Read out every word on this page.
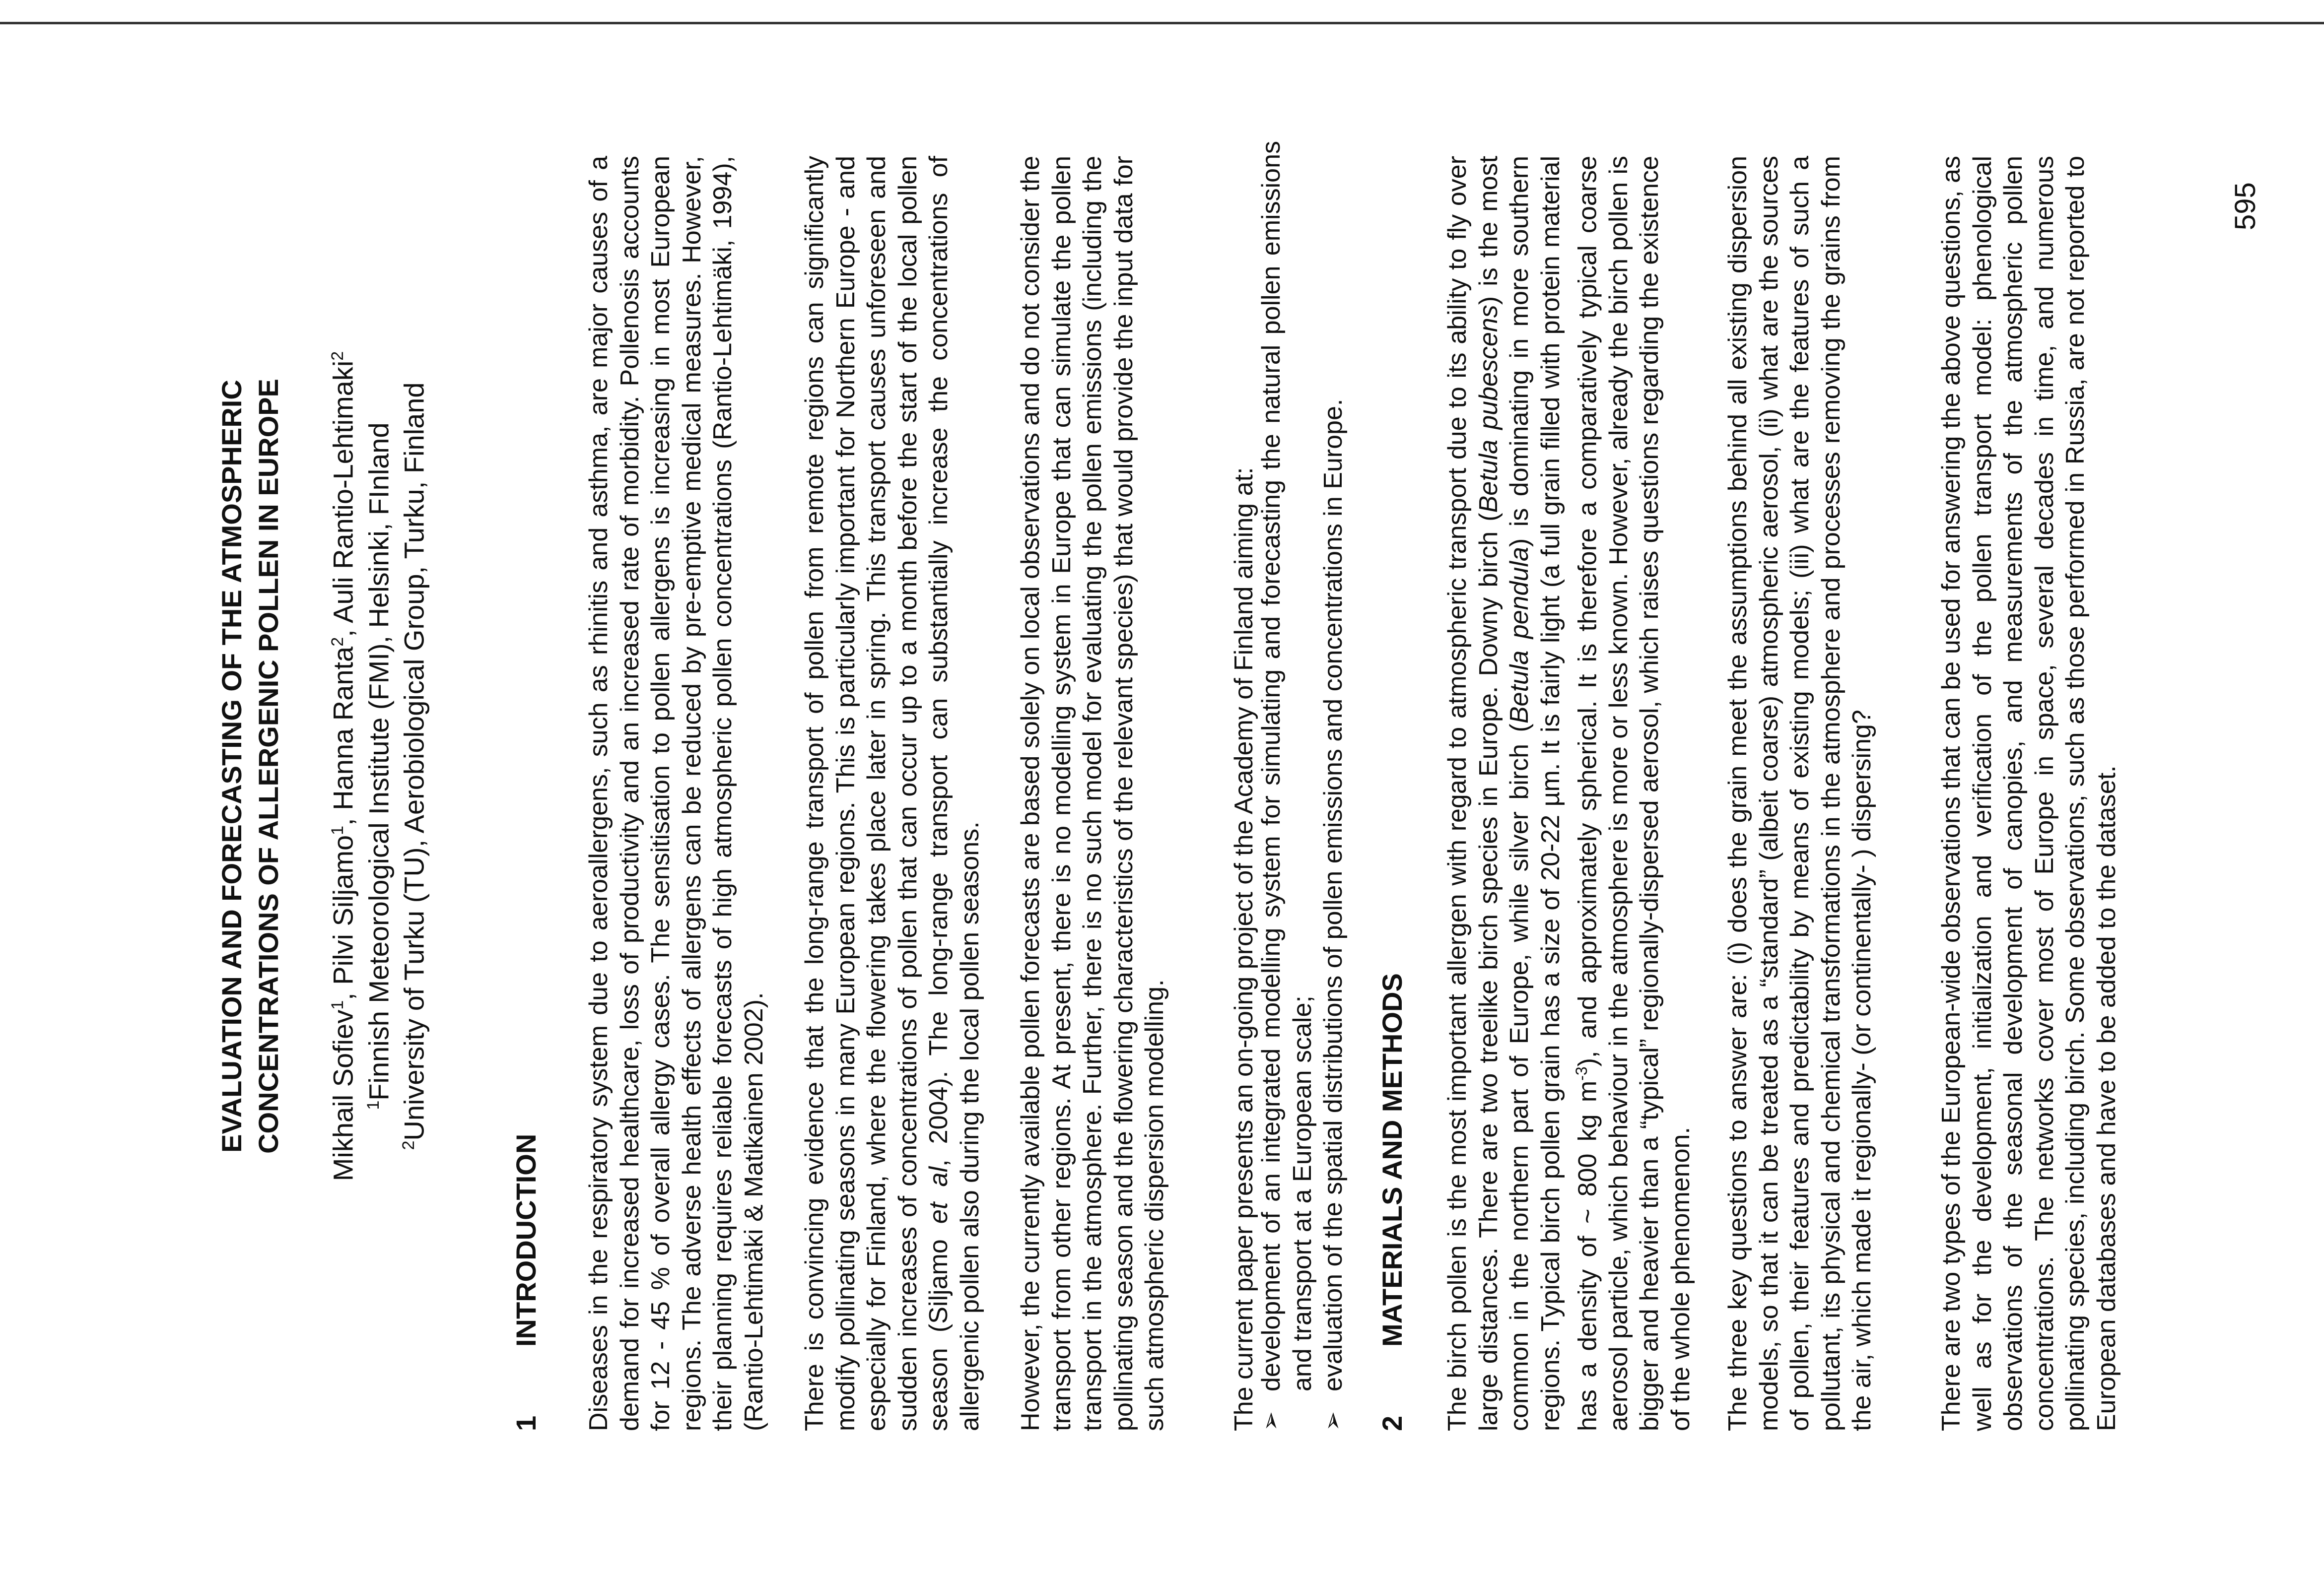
EVALUATION AND FORECASTING OF THE ATMOSPHERIC CONCENTRATIONS OF ALLERGENIC POLLEN IN EUROPE Mikhail Sofiev$^1$, Pilvi Siljamo$^1$, Hanna Ranta$^2$, Auli Rantio-Lehtimaki$^2$
$^1$Finnish Meteorological Institute (FMI), Helsinki, FInland
$^2$University of Turku (TU), Aerobiological Group, Turku, Finland
1INTRODUCTION Diseases in the respiratory system due to aeroallergens, such as rhinitis and asthma, are major causes of a demand for increased healthcare, loss of productivity and an increased rate of morbidity. Pollenosis accounts for 12 - 45 % of overall allergy cases. The sensitisation to pollen allergens is increasing in most European regions. The adverse health effects of allergens can be reduced by pre-emptive medical measures. However, their planning requires reliable forecasts of high atmospheric pollen concentrations (Rantio-Lehtimäki, 1994), (Rantio-Lehtimäki & Matikainen 2002). There is convincing evidence that the long-range transport of pollen from remote regions can significantly modify pollinating seasons in many European regions. This is particularly important for Northern Europe - and especially for Finland, where the flowering takes place later in spring. This transport causes unforeseen and sudden increases of concentrations of pollen that can occur up to a month before the start of the local pollen season (Siljamo et al, 2004). The long-range transport can substantially increase the concentrations of allergenic pollen also during the local pollen seasons. However, the currently available pollen forecasts are based solely on local observations and do not consider the transport from other regions. At present, there is no modelling system in Europe that can simulate the pollen transport in the atmosphere. Further, there is no such model for evaluating the pollen emissions (including the pollinating season and the flowering characteristics of the relevant species) that would provide the input data for such atmospheric dispersion modelling. The current paper presents an on-going project of the Academy of Finland aiming at: ➢
development of an integrated modelling system for simulating and forecasting the natural pollen emissions and transport at a European scale;
➢
evaluation of the spatial distributions of pollen emissions and concentrations in Europe.
2MATERIALS AND METHODS The birch pollen is the most important allergen with regard to atmospheric transport due to its ability to fly over large distances. There are two treelike birch species in Europe. Downy birch (Betula pubescens) is the most common in the northern part of Europe, while silver birch (Betula pendula) is dominating in more southern regions. Typical birch pollen grain has a size of 20-22 µm. It is fairly light (a full grain filled with protein material has a density of ~ 800 kg $m^{-3}$), and approximately spherical. It is therefore a comparatively typical coarse aerosol particle, which behaviour in the atmosphere is more or less known. However, already the birch pollen is bigger and heavier than a “typical” regionally-dispersed aerosol, which raises questions regarding the existence of the whole phenomenon. The three key questions to answer are: (i) does the grain meet the assumptions behind all existing dispersion models, so that it can be treated as a “standard” (albeit coarse) atmospheric aerosol, (ii) what are the sources of pollen, their features and predictability by means of existing models; (iii) what are the features of such a pollutant, its physical and chemical transformations in the atmosphere and processes removing the grains from the air, which made it regionally- (or continentally- ) dispersing? There are two types of the European-wide observations that can be used for answering the above questions, as well as for the development, initialization and verification of the pollen transport model: phenological observations of the seasonal development of canopies, and measurements of the atmospheric pollen concentrations. The networks cover most of Europe in space, several decades in time, and numerous pollinating species, including birch. Some observations, such as those performed in Russia, are not reported to European databases and have to be added to the dataset.
595
